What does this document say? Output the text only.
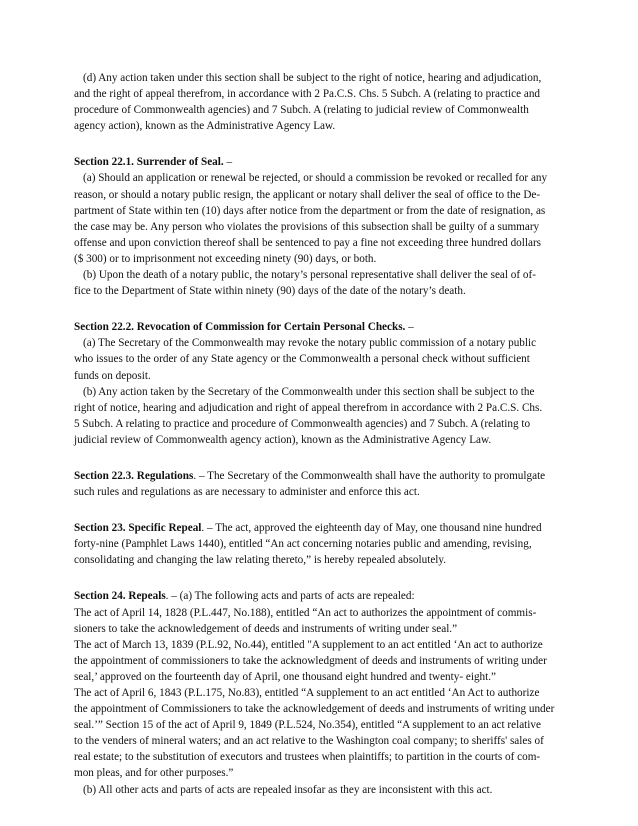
(d) Any action taken under this section shall be subject to the right of notice, hearing and adjudication,
and the right of appeal therefrom, in accordance with 2 Pa.C.S. Chs. 5 Subch. A (relating to practice and
procedure of Commonwealth agencies) and 7 Subch. A (relating to judicial review of Commonwealth
agency action), known as the Administrative Agency Law.
Section 22.1. Surrender of Seal. –
(a) Should an application or renewal be rejected, or should a commission be revoked or recalled for any
reason, or should a notary public resign, the applicant or notary shall deliver the seal of office to the De-
partment of State within ten (10) days after notice from the department or from the date of resignation, as
the case may be. Any person who violates the provisions of this subsection shall be guilty of a summary
offense and upon conviction thereof shall be sentenced to pay a fine not exceeding three hundred dollars
($ 300) or to imprisonment not exceeding ninety (90) days, or both.
(b) Upon the death of a notary public, the notary’s personal representative shall deliver the seal of of-
fice to the Department of State within ninety (90) days of the date of the notary’s death.
Section 22.2. Revocation of Commission for Certain Personal Checks. –
(a) The Secretary of the Commonwealth may revoke the notary public commission of a notary public
who issues to the order of any State agency or the Commonwealth a personal check without sufficient
funds on deposit.
(b) Any action taken by the Secretary of the Commonwealth under this section shall be subject to the
right of notice, hearing and adjudication and right of appeal therefrom in accordance with 2 Pa.C.S. Chs.
5 Subch. A relating to practice and procedure of Commonwealth agencies) and 7 Subch. A (relating to
judicial review of Commonwealth agency action), known as the Administrative Agency Law.
Section 22.3. Regulations. – The Secretary of the Commonwealth shall have the authority to promulgate
such rules and regulations as are necessary to administer and enforce this act.
Section 23. Specific Repeal. – The act, approved the eighteenth day of May, one thousand nine hundred
forty-nine (Pamphlet Laws 1440), entitled “An act concerning notaries public and amending, revising,
consolidating and changing the law relating thereto,” is hereby repealed absolutely.
Section 24. Repeals. – (a) The following acts and parts of acts are repealed:
The act of April 14, 1828 (P.L.447, No.188), entitled “An act to authorizes the appointment of commis-
sioners to take the acknowledgement of deeds and instruments of writing under seal.”
The act of March 13, 1839 (P.L.92, No.44), entitled "A supplement to an act entitled ‘An act to authorize
the appointment of commissioners to take the acknowledgment of deeds and instruments of writing under
seal,’ approved on the fourteenth day of April, one thousand eight hundred and twenty- eight.”
The act of April 6, 1843 (P.L.175, No.83), entitled “A supplement to an act entitled ‘An Act to authorize
the appointment of Commissioners to take the acknowledgement of deeds and instruments of writing under
seal.’” Section 15 of the act of April 9, 1849 (P.L.524, No.354), entitled “A supplement to an act relative
to the venders of mineral waters; and an act relative to the Washington coal company; to sheriffs' sales of
real estate; to the substitution of executors and trustees when plaintiffs; to partition in the courts of com-
mon pleas, and for other purposes.”
(b) All other acts and parts of acts are repealed insofar as they are inconsistent with this act.
